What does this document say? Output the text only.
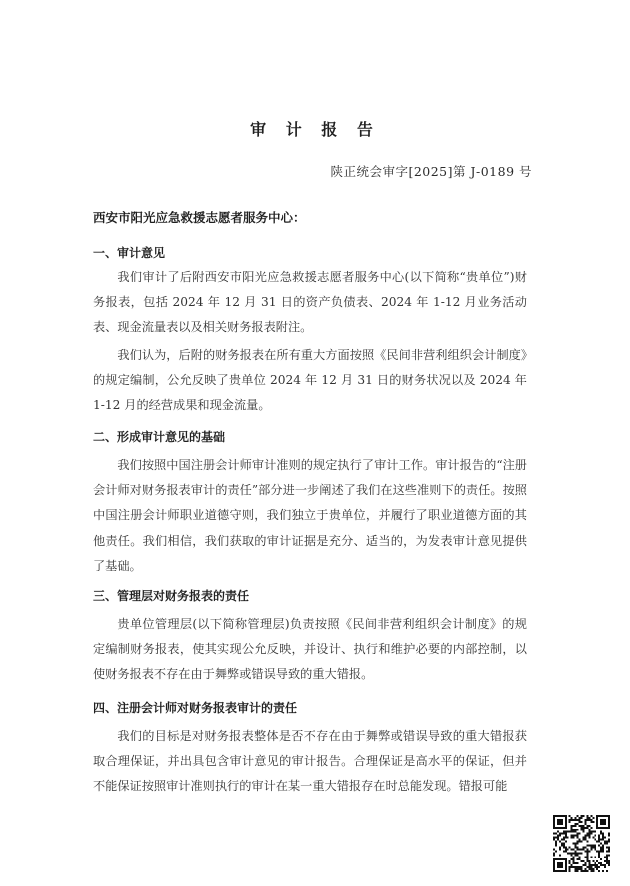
审 计 报 告
陕正统会审字[2025]第 J-0189 号
西安市阳光应急救援志愿者服务中心：
一、审计意见
我们审计了后附西安市阳光应急救援志愿者服务中心(以下简称“贵单位”)财务报表，包括 2024 年 12 月 31 日的资产负债表、2024 年 1-12 月业务活动表、现金流量表以及相关财务报表附注。
我们认为，后附的财务报表在所有重大方面按照《民间非营利组织会计制度》的规定编制，公允反映了贵单位 2024 年 12 月 31 日的财务状况以及 2024 年 1-12 月的经营成果和现金流量。
二、形成审计意见的基础
我们按照中国注册会计师审计准则的规定执行了审计工作。审计报告的“注册会计师对财务报表审计的责任”部分进一步阐述了我们在这些准则下的责任。按照中国注册会计师职业道德守则，我们独立于贵单位，并履行了职业道德方面的其他责任。我们相信，我们获取的审计证据是充分、适当的，为发表审计意见提供了基础。
三、管理层对财务报表的责任
贵单位管理层(以下简称管理层)负责按照《民间非营利组织会计制度》的规定编制财务报表，使其实现公允反映，并设计、执行和维护必要的内部控制，以使财务报表不存在由于舞弊或错误导致的重大错报。
四、注册会计师对财务报表审计的责任
我们的目标是对财务报表整体是否不存在由于舞弊或错误导致的重大错报获取合理保证，并出具包含审计意见的审计报告。合理保证是高水平的保证，但并不能保证按照审计准则执行的审计在某一重大错报存在时总能发现。错报可能
